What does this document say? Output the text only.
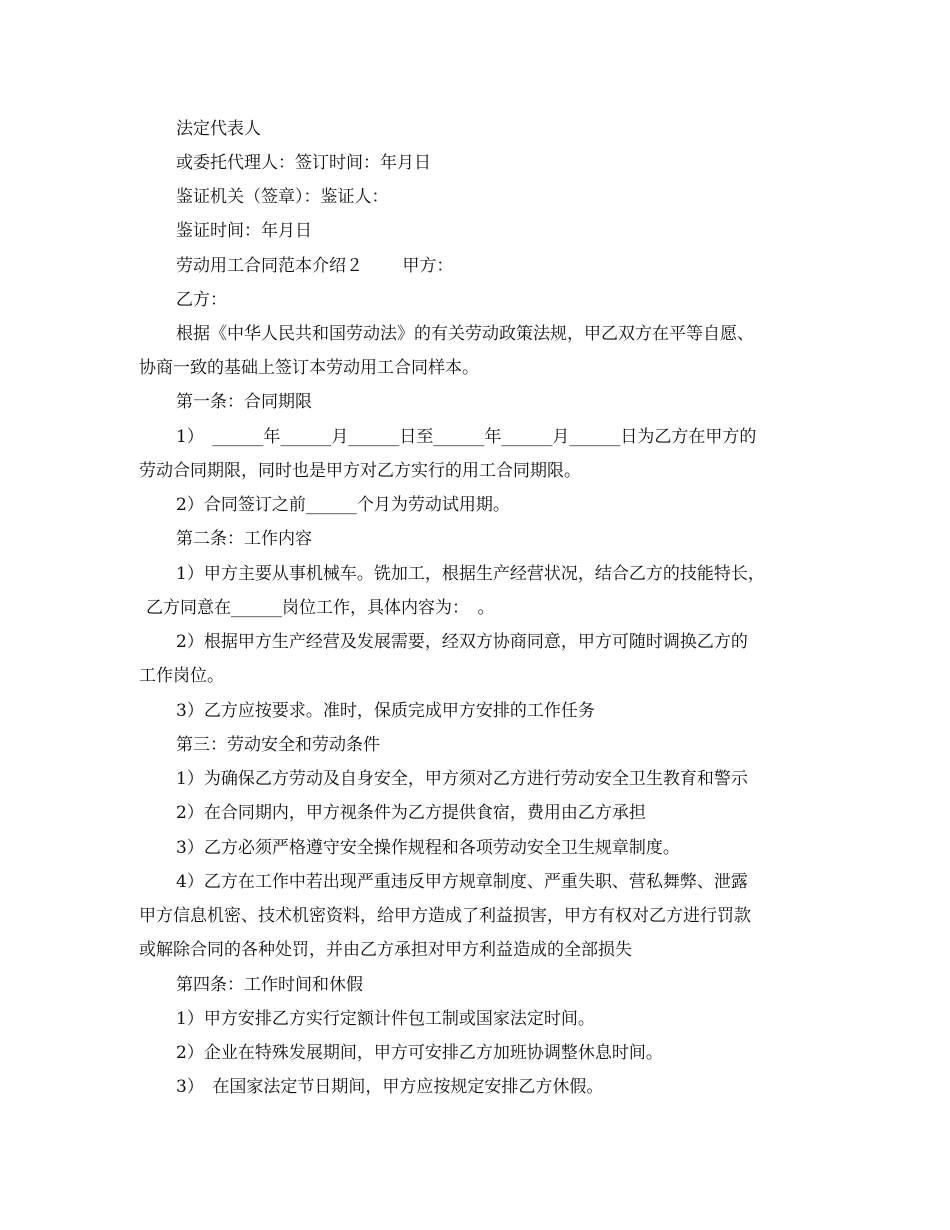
法定代表人
或委托代理人：签订时间：年月日
鉴证机关（签章）：鉴证人：
鉴证时间：年月日
劳动用工合同范本介绍２　　 甲方：
乙方：
根据《中华人民共和国劳动法》的有关劳动政策法规，甲乙双方在平等自愿、
协商一致的基础上签订本劳动用工合同样本。
第一条：合同期限
1）　______年______月______日至______年______月______日为乙方在甲方的
劳动合同期限，同时也是甲方对乙方实行的用工合同期限。
2）合同签订之前______个月为劳动试用期。
第二条：工作内容
1）甲方主要从事机械车。铣加工，根据生产经营状况，结合乙方的技能特长，
乙方同意在______岗位工作，具体内容为：　。
2）根据甲方生产经营及发展需要，经双方协商同意，甲方可随时调换乙方的
工作岗位。
3）乙方应按要求。准时，保质完成甲方安排的工作任务
第三：劳动安全和劳动条件
1）为确保乙方劳动及自身安全，甲方须对乙方进行劳动安全卫生教育和警示
2）在合同期内，甲方视条件为乙方提供食宿，费用由乙方承担
3）乙方必须严格遵守安全操作规程和各项劳动安全卫生规章制度。
4）乙方在工作中若出现严重违反甲方规章制度、严重失职、营私舞弊、泄露
甲方信息机密、技术机密资料，给甲方造成了利益损害，甲方有权对乙方进行罚款
或解除合同的各种处罚，并由乙方承担对甲方利益造成的全部损失
第四条：工作时间和休假
1）甲方安排乙方实行定额计件包工制或国家法定时间。
2）企业在特殊发展期间，甲方可安排乙方加班协调整休息时间。
3）　在国家法定节日期间，甲方应按规定安排乙方休假。
